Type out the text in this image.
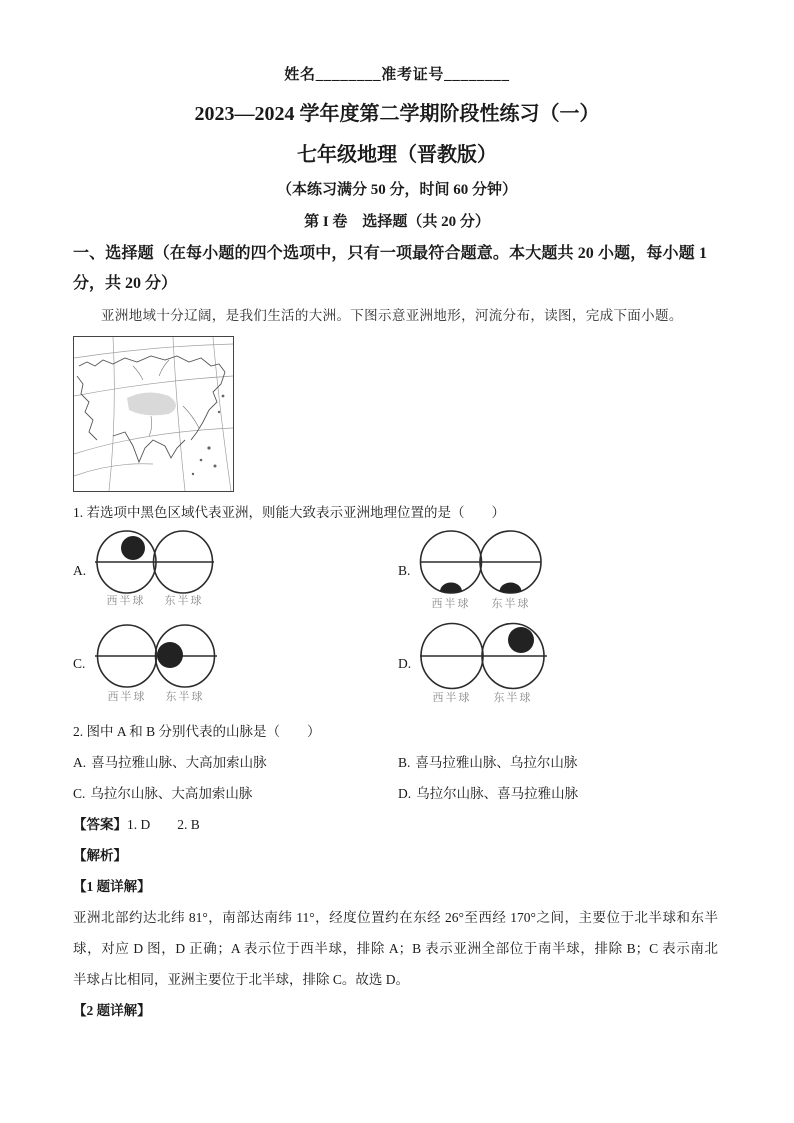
姓名________准考证号________
2023—2024 学年度第二学期阶段性练习（一）
七年级地理（晋教版）
（本练习满分 50 分，时间 60 分钟）
第 I 卷　选择题（共 20 分）
一、选择题（在每小题的四个选项中，只有一项最符合题意。本大题共 20 小题，每小题 1
分，共 20 分）
亚洲地域十分辽阔，是我们生活的大洲。下图示意亚洲地形，河流分布，读图，完成下面小题。
1. 若选项中黑色区域代表亚洲，则能大致表示亚洲地理位置的是（　　）
A.
西半球 东半球
B.
西半球 东半球
C.
西半球 东半球
D.
西半球 东半球
2. 图中 A 和 B 分别代表的山脉是（　　）
A. 喜马拉雅山脉、大高加索山脉	B. 喜马拉雅山脉、乌拉尔山脉
C. 乌拉尔山脉、大高加索山脉	D. 乌拉尔山脉、喜马拉雅山脉
【答案】1. D　　2. B
【解析】
【1 题详解】
亚洲北部约达北纬 81°，南部达南纬 11°，经度位置约在东经 26°至西经 170°之间，主要位于北半球和东半
球，对应 D 图，D 正确；A 表示位于西半球，排除 A；B 表示亚洲全部位于南半球，排除 B；C 表示南北
半球占比相同，亚洲主要位于北半球，排除 C。故选 D。
【2 题详解】
